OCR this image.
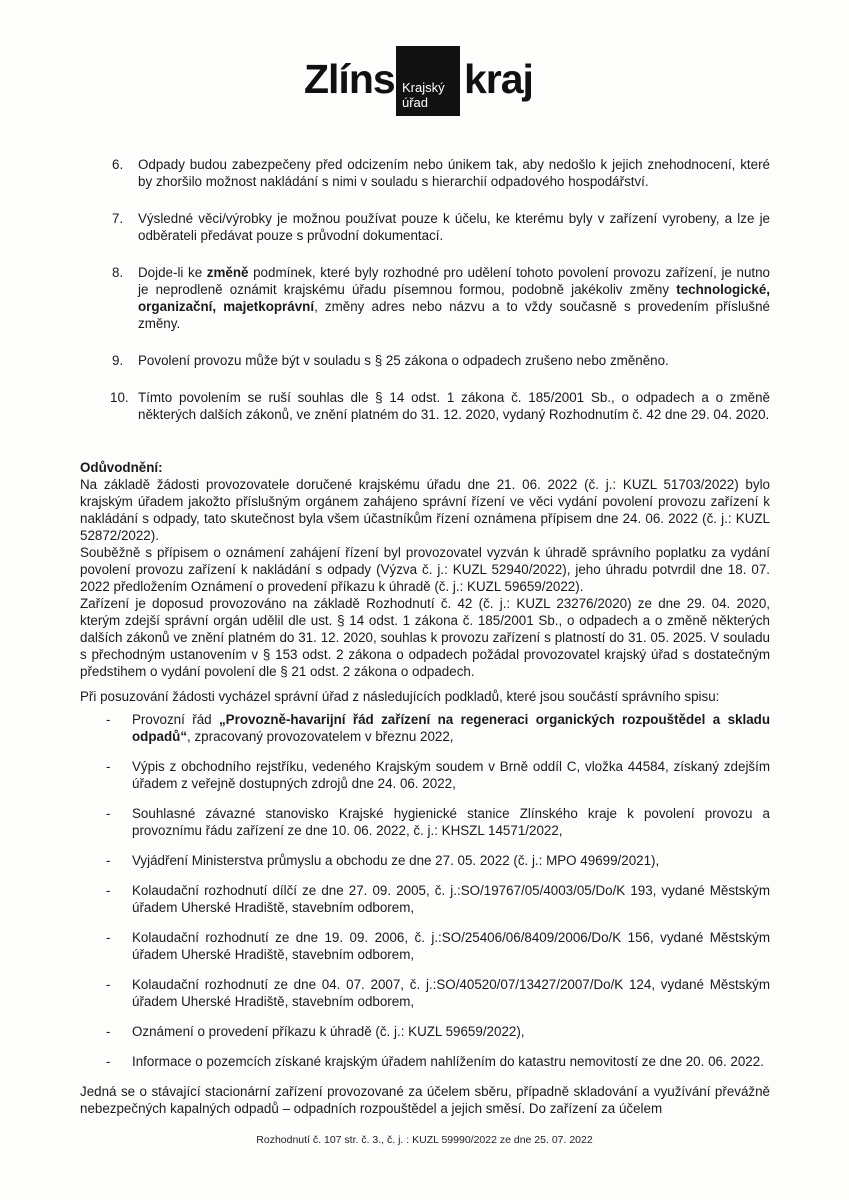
Zlíns Krajský
úřad
kraj
6. Odpady budou zabezpečeny před odcizením nebo únikem tak, aby nedošlo k jejich znehodnocení, které by zhoršilo možnost nakládání s nimi v souladu s hierarchií odpadového hospodářství.
7. Výsledné věci/výrobky je možnou používat pouze k účelu, ke kterému byly v zařízení vyrobeny, a lze je odběrateli předávat pouze s průvodní dokumentací.
8. Dojde-li ke změně podmínek, které byly rozhodné pro udělení tohoto povolení provozu zařízení, je nutno je neprodleně oznámit krajskému úřadu písemnou formou, podobně jakékoliv změny technologické, organizační, majetkoprávní, změny adres nebo názvu a to vždy současně s provedením příslušné změny.
9. Povolení provozu může být v souladu s § 25 zákona o odpadech zrušeno nebo změněno.
10. Tímto povolením se ruší souhlas dle § 14 odst. 1 zákona č. 185/2001 Sb., o odpadech a o změně některých dalších zákonů, ve znění platném do 31. 12. 2020, vydaný Rozhodnutím č. 42 dne 29. 04. 2020.
Odůvodnění:

Na základě žádosti provozovatele doručené krajskému úřadu dne 21. 06. 2022 (č. j.: KUZL 51703/2022) bylo krajským úřadem jakožto příslušným orgánem zahájeno správní řízení ve věci vydání povolení provozu zařízení k nakládání s odpady, tato skutečnost byla všem účastníkům řízení oznámena přípisem dne 24. 06. 2022 (č. j.: KUZL 52872/2022).

Souběžně s přípisem o oznámení zahájení řízení byl provozovatel vyzván k úhradě správního poplatku za vydání povolení provozu zařízení k nakládání s odpady (Výzva č. j.: KUZL 52940/2022), jeho úhradu potvrdil dne 18. 07. 2022 předložením Oznámení o provedení příkazu k úhradě (č. j.: KUZL 59659/2022).

Zařízení je doposud provozováno na základě Rozhodnutí č. 42 (č. j.: KUZL 23276/2020) ze dne 29. 04. 2020, kterým zdejší správní orgán udělil dle ust. § 14 odst. 1 zákona č. 185/2001 Sb., o odpadech a o změně některých dalších zákonů ve znění platném do 31. 12. 2020, souhlas k provozu zařízení s platností do 31. 05. 2025. V souladu s přechodným ustanovením v § 153 odst. 2 zákona o odpadech požádal provozovatel krajský úřad s dostatečným předstihem o vydání povolení dle § 21 odst. 2 zákona o odpadech.

Při posuzování žádosti vycházel správní úřad z následujících podkladů, které jsou součástí správního spisu:

- Provozní řád „Provozně-havarijní řád zařízení na regeneraci organických rozpouštědel a skladu odpadů“, zpracovaný provozovatelem v březnu 2022,
- Výpis z obchodního rejstříku, vedeného Krajským soudem v Brně oddíl C, vložka 44584, získaný zdejším úřadem z veřejně dostupných zdrojů dne 24. 06. 2022,
- Souhlasné závazné stanovisko Krajské hygienické stanice Zlínského kraje k povolení provozu a provoznímu řádu zařízení ze dne 10. 06. 2022, č. j.: KHSZL 14571/2022,
- Vyjádření Ministerstva průmyslu a obchodu ze dne 27. 05. 2022 (č. j.: MPO 49699/2021),
- Kolaudační rozhodnutí dílčí ze dne 27. 09. 2005, č. j.:SO/19767/05/4003/05/Do/K 193, vydané Městským úřadem Uherské Hradiště, stavebním odborem,
- Kolaudační rozhodnutí ze dne 19. 09. 2006, č. j.:SO/25406/06/8409/2006/Do/K 156, vydané Městským úřadem Uherské Hradiště, stavebním odborem,
- Kolaudační rozhodnutí ze dne 04. 07. 2007, č. j.:SO/40520/07/13427/2007/Do/K 124, vydané Městským úřadem Uherské Hradiště, stavebním odborem,
- Oznámení o provedení příkazu k úhradě (č. j.: KUZL 59659/2022),
- Informace o pozemcích získané krajským úřadem nahlížením do katastru nemovitostí ze dne 20. 06. 2022.

Jedná se o stávající stacionární zařízení provozované za účelem sběru, případně skladování a využívání převážně nebezpečných kapalných odpadů – odpadních rozpouštědel a jejich směsí. Do zařízení za účelem

Rozhodnutí č. 107 str. č. 3., č. j. : KUZL 59990/2022 ze dne 25. 07. 2022
